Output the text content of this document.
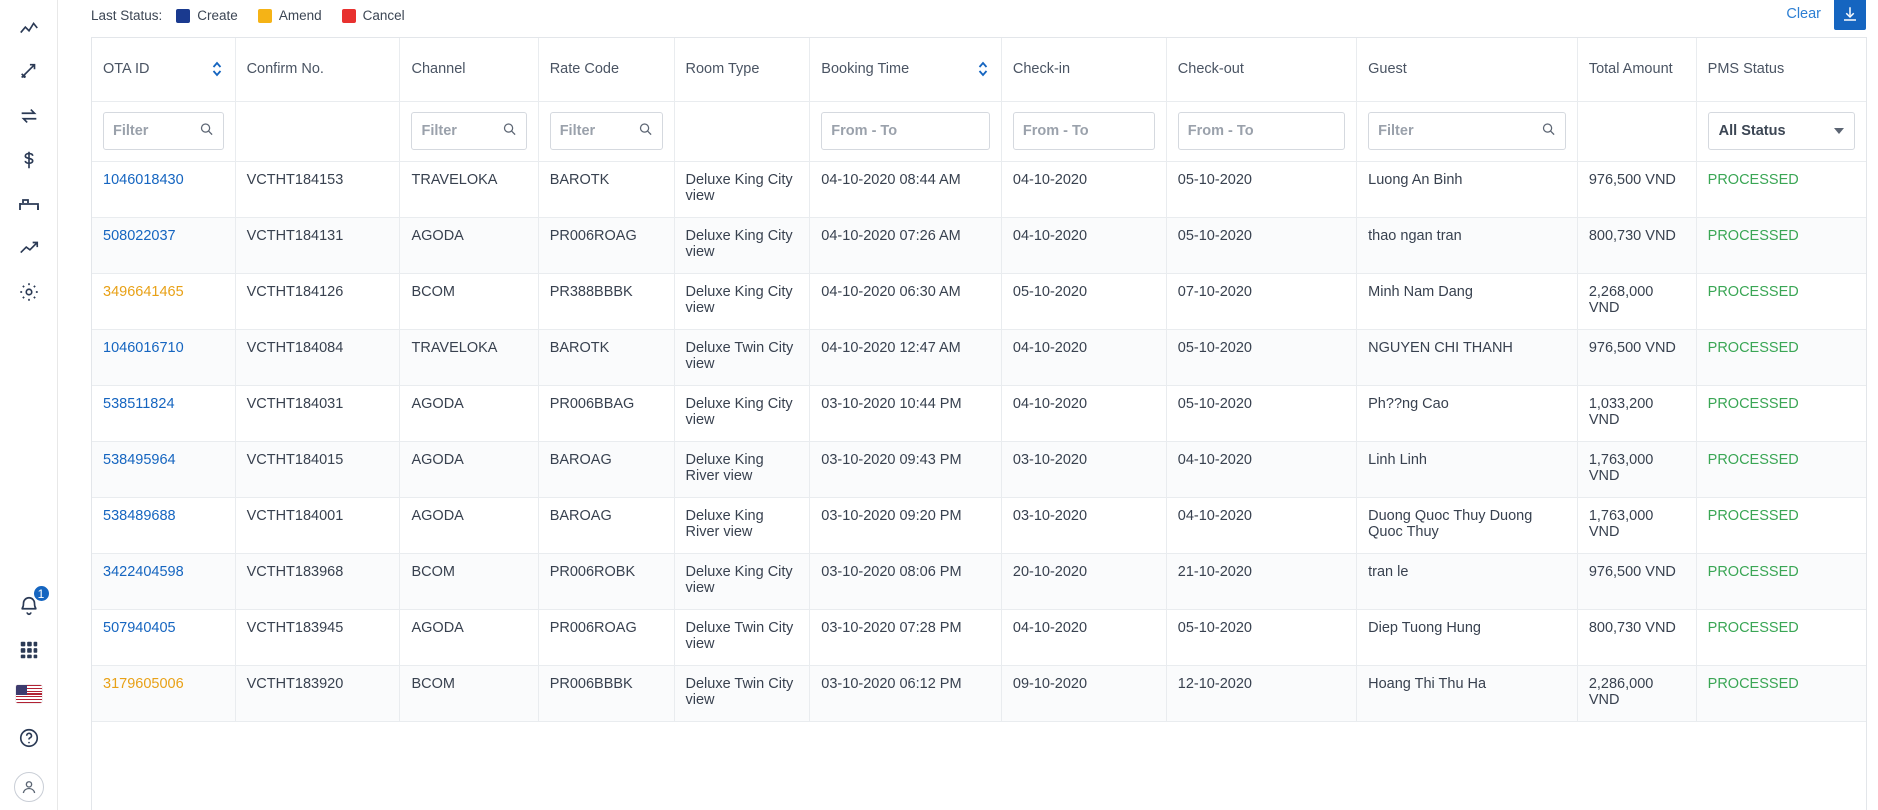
1
Last Status:	Create	Amend	Cancel	Clear
OTA ID	Confirm No.	Channel	Rate Code	Room Type	Booking Time	Check-in	Check-out	Guest	Total Amount	PMS Status

Filter		Filter	Filter		From - To	From - To	From - To	Filter		All Status

1046018430	VCTHT184153	TRAVELOKA	BAROTK	Deluxe King City view	04-10-2020 08:44 AM	04-10-2020	05-10-2020	Luong An Binh	976,500 VND	PROCESSED
508022037	VCTHT184131	AGODA	PR006ROAG	Deluxe King City view	04-10-2020 07:26 AM	04-10-2020	05-10-2020	thao ngan tran	800,730 VND	PROCESSED
3496641465	VCTHT184126	BCOM	PR388BBBK	Deluxe King City view	04-10-2020 06:30 AM	05-10-2020	07-10-2020	Minh Nam Dang	2,268,000 VND	PROCESSED
1046016710	VCTHT184084	TRAVELOKA	BAROTK	Deluxe Twin City view	04-10-2020 12:47 AM	04-10-2020	05-10-2020	NGUYEN CHI THANH	976,500 VND	PROCESSED
538511824	VCTHT184031	AGODA	PR006BBAG	Deluxe King City view	03-10-2020 10:44 PM	04-10-2020	05-10-2020	Ph??ng Cao	1,033,200 VND	PROCESSED
538495964	VCTHT184015	AGODA	BAROAG	Deluxe King River view	03-10-2020 09:43 PM	03-10-2020	04-10-2020	Linh Linh	1,763,000 VND	PROCESSED
538489688	VCTHT184001	AGODA	BAROAG	Deluxe King River view	03-10-2020 09:20 PM	03-10-2020	04-10-2020	Duong Quoc Thuy Duong Quoc Thuy	1,763,000 VND	PROCESSED
3422404598	VCTHT183968	BCOM	PR006ROBK	Deluxe King City view	03-10-2020 08:06 PM	20-10-2020	21-10-2020	tran le	976,500 VND	PROCESSED
507940405	VCTHT183945	AGODA	PR006ROAG	Deluxe Twin City view	03-10-2020 07:28 PM	04-10-2020	05-10-2020	Diep Tuong Hung	800,730 VND	PROCESSED
3179605006	VCTHT183920	BCOM	PR006BBBK	Deluxe Twin City view	03-10-2020 06:12 PM	09-10-2020	12-10-2020	Hoang Thi Thu Ha	2,286,000 VND	PROCESSED
